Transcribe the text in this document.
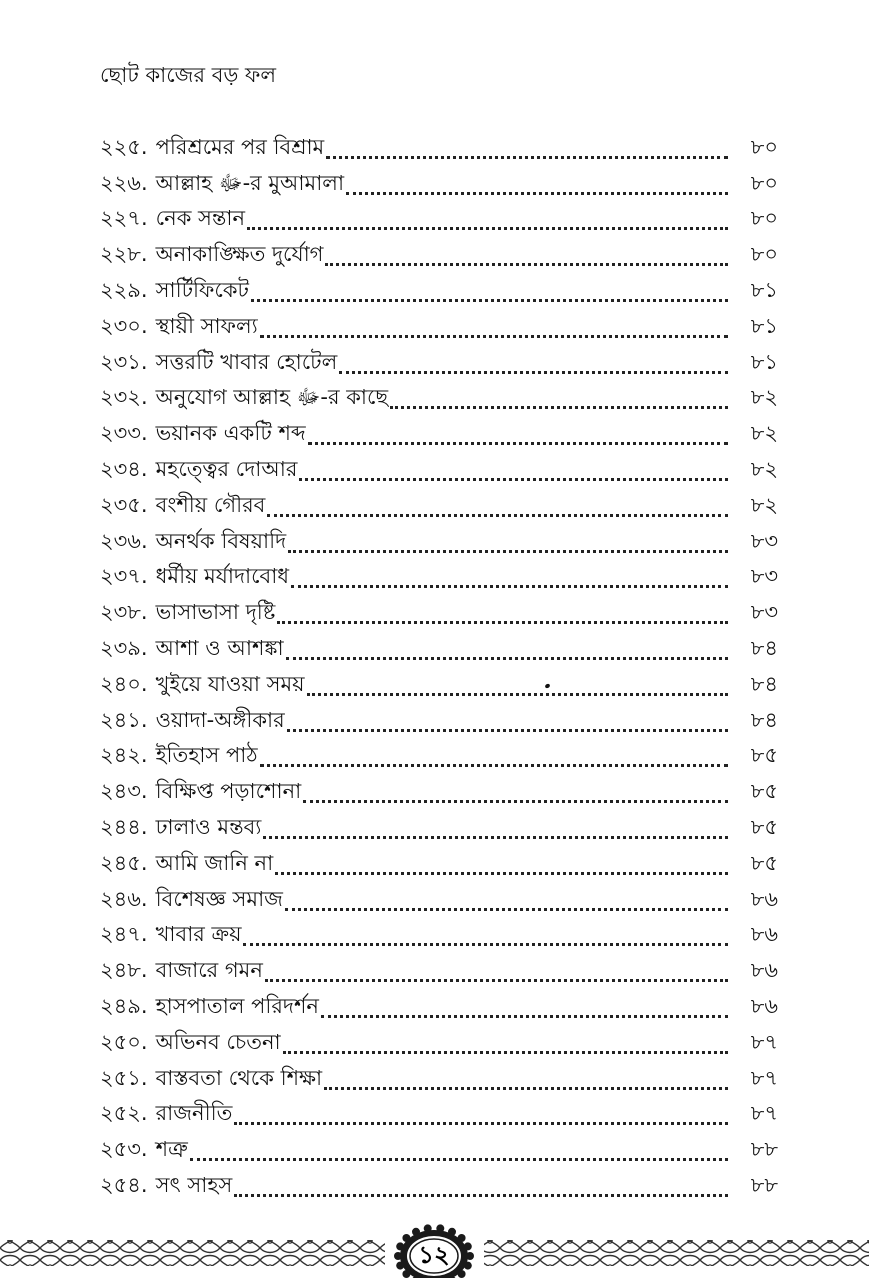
ছোট কাজের বড় ফল
২২৫. পরিশ্রমের পর বিশ্রাম	৮০
২২৬. আল্লাহ ﷻ-র মুআমালা	৮০
২২৭. নেক সন্তান	৮০
২২৮. অনাকাঙ্ক্ষিত দুর্যোগ	৮০
২২৯. সার্টিফিকেট	৮১
২৩০. স্থায়ী সাফল্য	৮১
২৩১. সত্তরটি খাবার হোটেল	৮১
২৩২. অনুযোগ আল্লাহ ﷻ-র কাছে	৮২
২৩৩. ভয়ানক একটি শব্দ	৮২
২৩৪. মহত্ত্বের দোআর	৮২
২৩৫. বংশীয় গৌরব	৮২
২৩৬. অনর্থক বিষয়াদি	৮৩
২৩৭. ধর্মীয় মর্যাদাবোধ	৮৩
২৩৮. ভাসাভাসা দৃষ্টি	৮৩
২৩৯. আশা ও আশঙ্কা	৮৪
২৪০. খুইয়ে যাওয়া সময়	৮৪
২৪১. ওয়াদা-অঙ্গীকার	৮৪
২৪২. ইতিহাস পাঠ	৮৫
২৪৩. বিক্ষিপ্ত পড়াশোনা	৮৫
২৪৪. ঢালাও মন্তব্য	৮৫
২৪৫. আমি জানি না	৮৫
২৪৬. বিশেষজ্ঞ সমাজ	৮৬
২৪৭. খাবার ক্রয়	৮৬
২৪৮. বাজারে গমন	৮৬
২৪৯. হাসপাতাল পরিদর্শন	৮৬
২৫০. অভিনব চেতনা	৮৭
২৫১. বাস্তবতা থেকে শিক্ষা	৮৭
২৫২. রাজনীতি	৮৭
২৫৩. শত্রু	৮৮
২৫৪. সৎ সাহস	৮৮
১২
